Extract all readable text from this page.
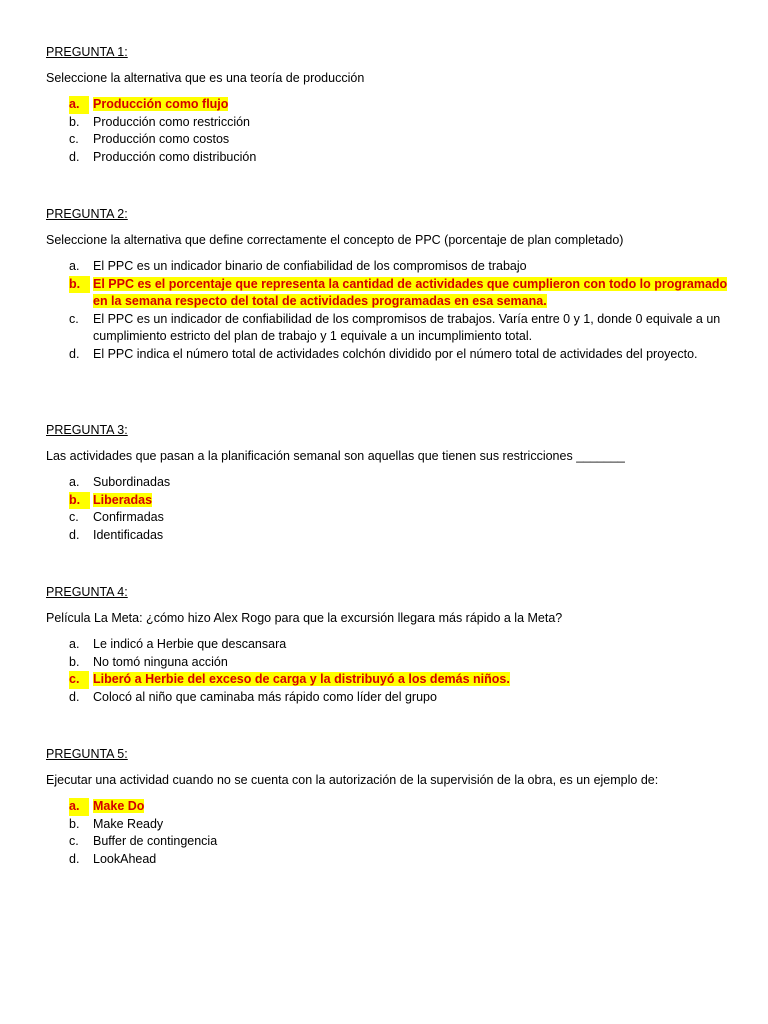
PREGUNTA 1:

Seleccione la alternativa que es una teoría de producción

a.	Producción como flujo
b. Producción como restricción
c. Producción como costos
d. Producción como distribución

PREGUNTA 2:

Seleccione la alternativa que define correctamente el concepto de PPC (porcentaje de plan completado)

a. El PPC es un indicador binario de confiabilidad de los compromisos de trabajo
b.	El PPC es el porcentaje que representa la cantidad de actividades que cumplieron con todo lo programado en la semana respecto del total de actividades programadas en esa semana.
c. El PPC es un indicador de confiabilidad de los compromisos de trabajos. Varía entre 0 y 1, donde 0 equivale a un cumplimiento estricto del plan de trabajo y 1 equivale a un incumplimiento total.
d. El PPC indica el número total de actividades colchón dividido por el número total de actividades del proyecto.

PREGUNTA 3:

Las actividades que pasan a la planificación semanal son aquellas que tienen sus restricciones _______

a. Subordinadas
b.	Liberadas
c. Confirmadas
d. Identificadas

PREGUNTA 4:

Película La Meta: ¿cómo hizo Alex Rogo para que la excursión llegara más rápido a la Meta?

a. Le indicó a Herbie que descansara
b. No tomó ninguna acción
c.	Liberó a Herbie del exceso de carga y la distribuyó a los demás niños.
d. Colocó al niño que caminaba más rápido como líder del grupo

PREGUNTA 5:

Ejecutar una actividad cuando no se cuenta con la autorización de la supervisión de la obra, es un ejemplo de:

a.	Make Do
b. Make Ready
c. Buffer de contingencia
d. LookAhead
